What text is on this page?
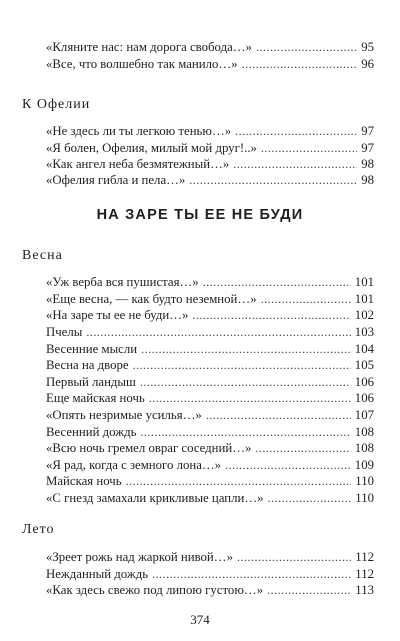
«Кляните нас: нам дорога свобода…» .....	95
«Все, что волшебно так манило…» .....	96
К Офелии
«Не здесь ли ты легкою тенью…» .....	97
«Я болен, Офелия, милый мой друг!..» .....	97
«Как ангел неба безмятежный…» .....	98
«Офелия гибла и пела…» .....	98
НА ЗАРЕ ТЫ ЕЕ НЕ БУДИ
Весна
«Уж верба вся пушистая…» .....	101
«Еще весна, — как будто неземной…» .....	101
«На заре ты ее не буди…» .....	102
Пчелы .....	103
Весенние мысли .....	104
Весна на дворе .....	105
Первый ландыш .....	106
Еще майская ночь .....	106
«Опять незримые усилья…» .....	107
Весенний дождь .....	108
«Всю ночь гремел овраг соседний…» .....	108
«Я рад, когда с земного лона…» .....	109
Майская ночь .....	110
«С гнезд замахали крикливые цапли…» .....	110
Лето
«Зреет рожь над жаркой нивой…» .....	112
Нежданный дождь .....	112
«Как здесь свежо под липою густою…» .....	113
374
